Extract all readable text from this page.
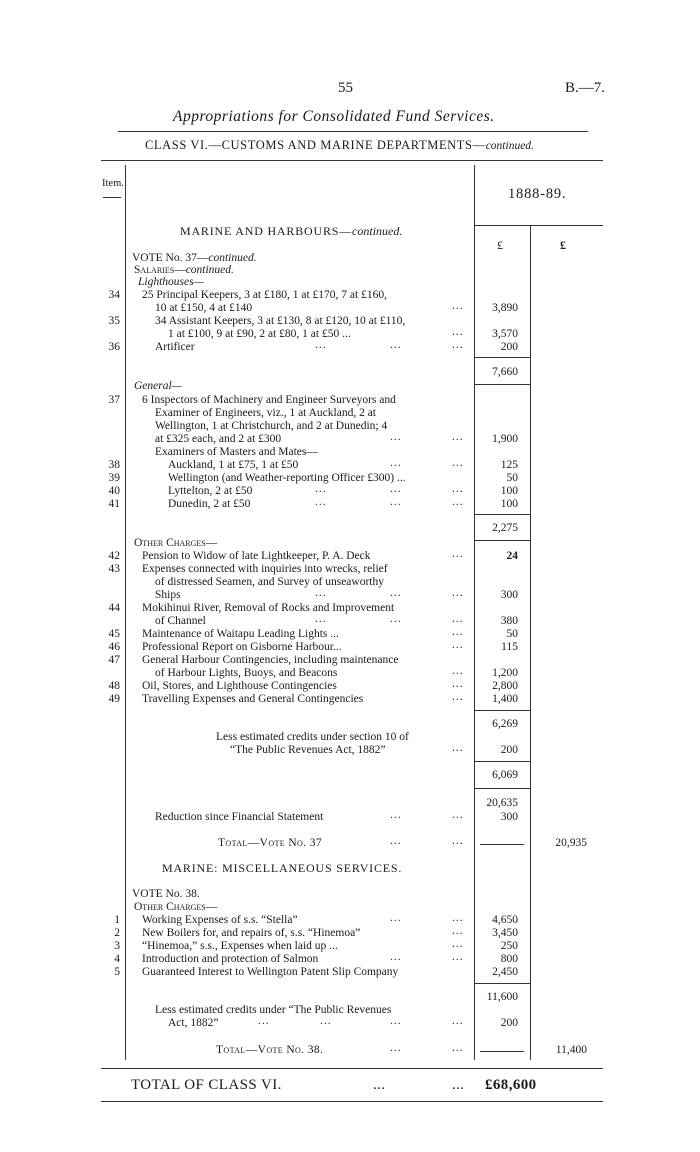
55	B.—7.
Appropriations for Consolidated Fund Services.
CLASS VI.—CUSTOMS AND MARINE DEPARTMENTS—continued.
Item.
1888-89.
£	£
MARINE AND HARBOURS—continued.
VOTE No. 37—continued.
Salaries—continued.
Lighthouses—
34 25 Principal Keepers, 3 at £180, 1 at £170, 7 at £160,
10 at £150, 4 at £140	...	3,890
35	34 Assistant Keepers, 3 at £130, 8 at £120, 10 at £110,
1 at £100, 9 at £90, 2 at £80, 1 at £50 ...	...	3,570
36	Artificer	...	...	...	200
7,660
General—
37 6 Inspectors of Machinery and Engineer Surveyors and
Examiner of Engineers, viz., 1 at Auckland, 2 at
Wellington, 1 at Christchurch, and 2 at Dunedin; 4
at £325 each, and 2 at £300	...	...	1,900
Examiners of Masters and Mates—
38	Auckland, 1 at £75, 1 at £50	...	...	125
39	Wellington (and Weather-reporting Officer £300) ...	50
40	Lyttelton, 2 at £50	...	...	...	100
41	Dunedin, 2 at £50	...	...	...	100
2,275
Other Charges—
42 Pension to Widow of late Lightkeeper, P. A. Deck	...	24
43 Expenses connected with inquiries into wrecks, relief
of distressed Seamen, and Survey of unseaworthy
Ships	...	...	...	300
44 Mokihinui River, Removal of Rocks and Improvement
of Channel	...	...	...	380
45 Maintenance of Waitapu Leading Lights ...	...	50
46 Professional Report on Gisborne Harbour...	...	115
47 General Harbour Contingencies, including maintenance
of Harbour Lights, Buoys, and Beacons	...	1,200
48 Oil, Stores, and Lighthouse Contingencies	...	2,800
49 Travelling Expenses and General Contingencies	...	1,400
6,269
Less estimated credits under section 10 of
“The Public Revenues Act, 1882”	...	200
6,069
20,635
Reduction since Financial Statement	...	...	300
Total—Vote No. 37	...	...	20,935
MARINE: MISCELLANEOUS SERVICES.
VOTE No. 38.
Other Charges—
1 Working Expenses of s.s. “Stella”	...	...	4,650
2 New Boilers for, and repairs of, s.s. “Hinemoa”	...	3,450
3 “Hinemoa,” s.s., Expenses when laid up ...	...	250
4 Introduction and protection of Salmon	...	...	800
5 Guaranteed Interest to Wellington Patent Slip Company	2,450
11,600
Less estimated credits under “The Public Revenues
Act, 1882”	...	...	...	...	200
Total—Vote No. 38.	...	...	11,400
TOTAL OF CLASS VI.	...	... £68,600
